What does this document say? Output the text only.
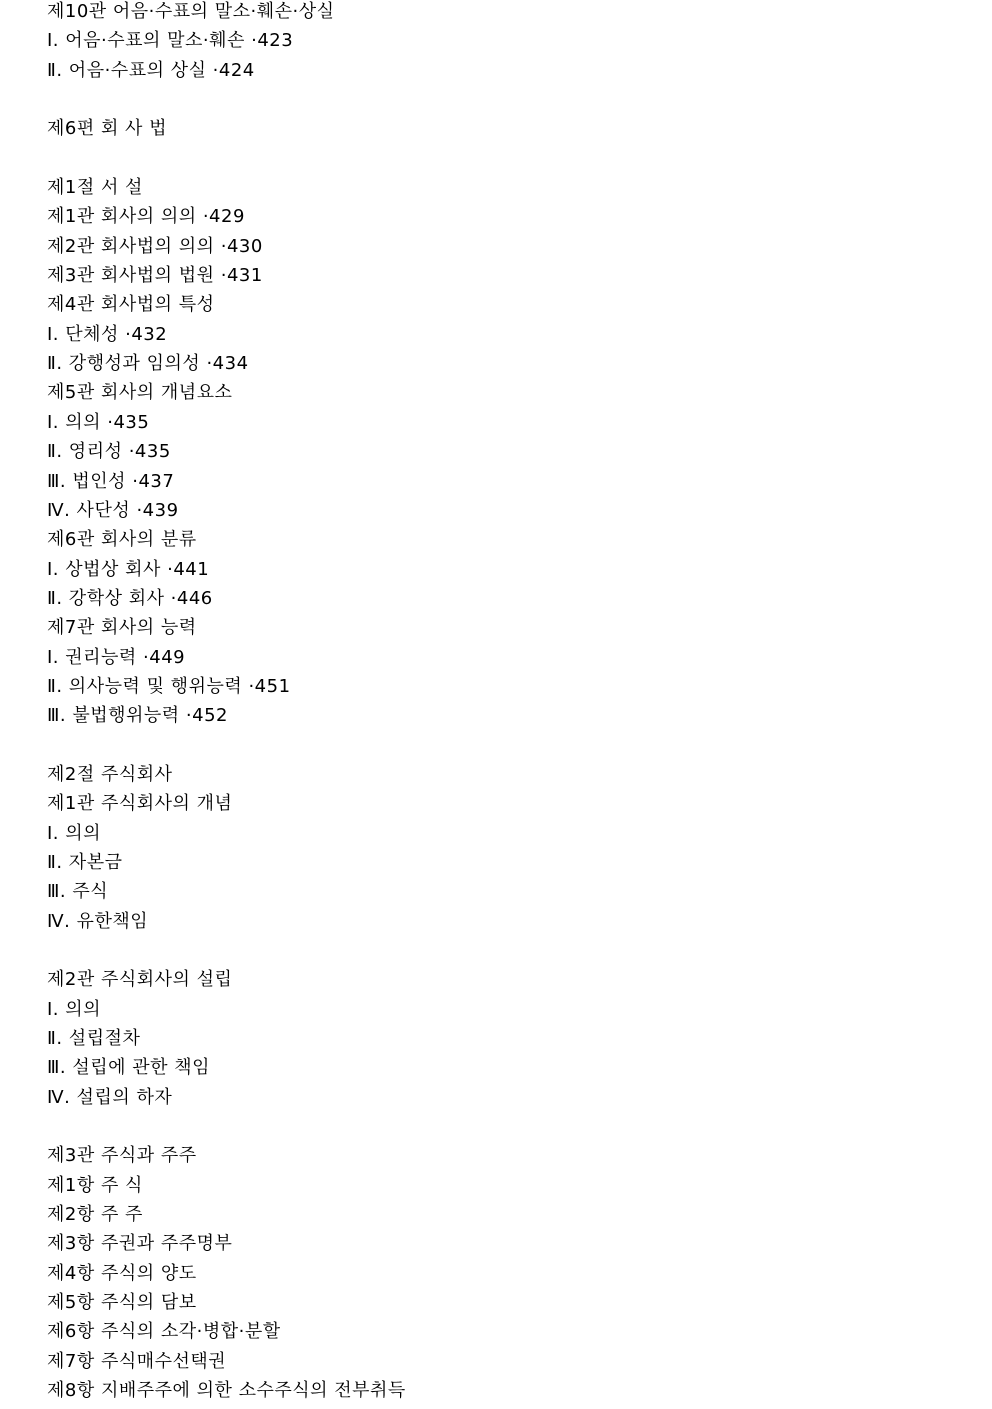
제10관 어음·수표의 말소·훼손·상실
Ⅰ. 어음·수표의 말소·훼손 ·423
Ⅱ. 어음·수표의 상실 ·424
제6편 회 사 법
제1절 서 설
제1관 회사의 의의 ·429
제2관 회사법의 의의 ·430
제3관 회사법의 법원 ·431
제4관 회사법의 특성
Ⅰ. 단체성 ·432
Ⅱ. 강행성과 임의성 ·434
제5관 회사의 개념요소
Ⅰ. 의의 ·435
Ⅱ. 영리성 ·435
Ⅲ. 법인성 ·437
Ⅳ. 사단성 ·439
제6관 회사의 분류
Ⅰ. 상법상 회사 ·441
Ⅱ. 강학상 회사 ·446
제7관 회사의 능력
Ⅰ. 권리능력 ·449
Ⅱ. 의사능력 및 행위능력 ·451
Ⅲ. 불법행위능력 ·452
제2절 주식회사
제1관 주식회사의 개념
Ⅰ. 의의
Ⅱ. 자본금
Ⅲ. 주식
Ⅳ. 유한책임
제2관 주식회사의 설립
Ⅰ. 의의
Ⅱ. 설립절차
Ⅲ. 설립에 관한 책임
Ⅳ. 설립의 하자
제3관 주식과 주주
제1항 주 식
제2항 주 주
제3항 주권과 주주명부
제4항 주식의 양도
제5항 주식의 담보
제6항 주식의 소각·병합·분할
제7항 주식매수선택권
제8항 지배주주에 의한 소수주식의 전부취득
